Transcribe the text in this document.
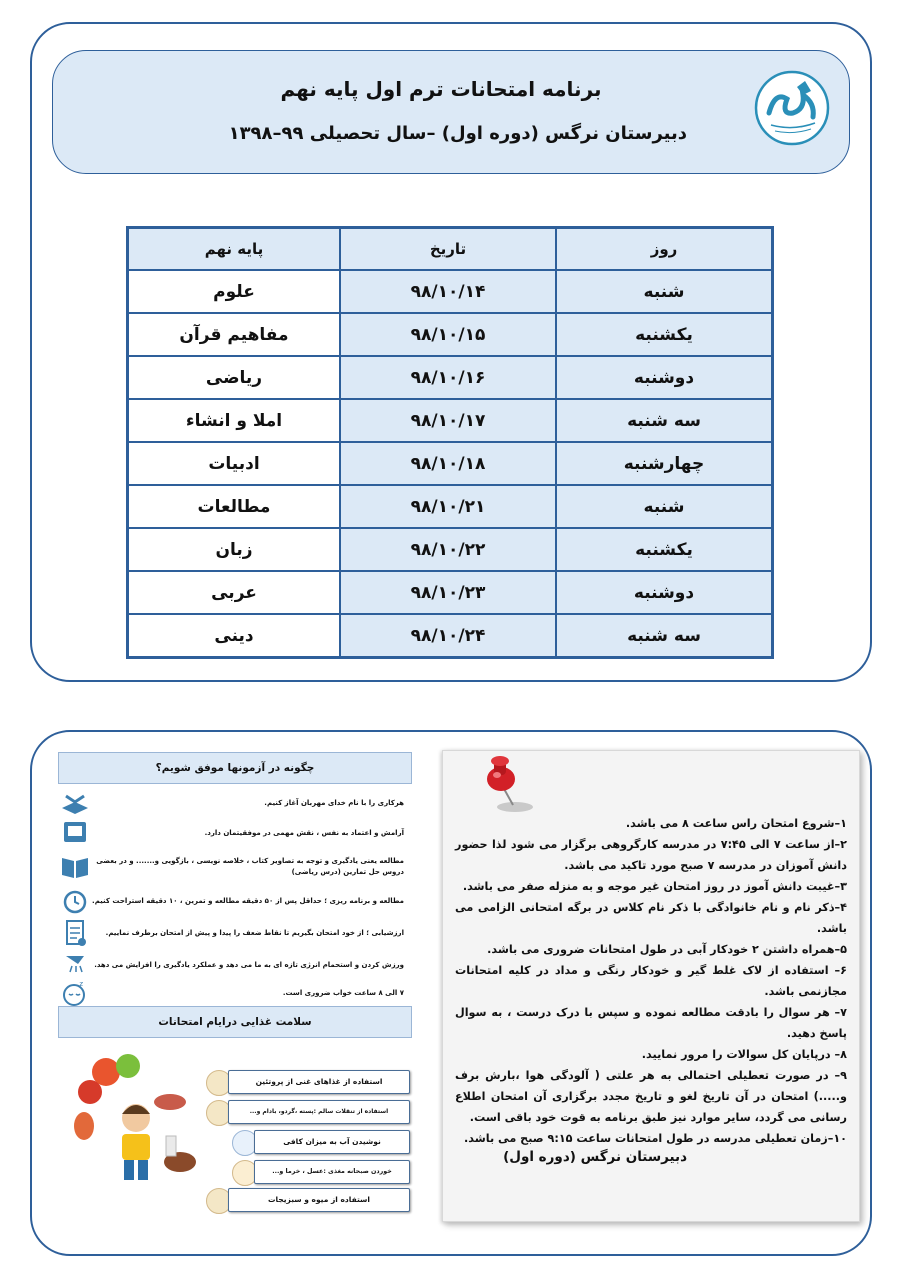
برنامه امتحانات ترم اول پایه نهم
دبیرستان نرگس (دوره اول) –سال تحصیلی ۹۹–۱۳۹۸
روز	تاریخ	پایه نهم
شنبه	۹۸/۱۰/۱۴	علوم
یکشنبه	۹۸/۱۰/۱۵	مفاهیم قرآن
دوشنبه	۹۸/۱۰/۱۶	ریاضی
سه شنبه	۹۸/۱۰/۱۷	املا و انشاء
چهارشنبه	۹۸/۱۰/۱۸	ادبیات
شنبه	۹۸/۱۰/۲۱	مطالعات
یکشنبه	۹۸/۱۰/۲۲	زبان
دوشنبه	۹۸/۱۰/۲۳	عربی
سه شنبه	۹۸/۱۰/۲۴	دینی

۱–شروع امتحان راس ساعت ۸ می باشد.

۲–از ساعت ۷ الی ۷:۴۵ در مدرسه کارگروهی برگزار می شود لذا حضور دانش آموزان در مدرسه ۷ صبح مورد تاکید می باشد.

۳–غیبت دانش آموز در روز امتحان غیر موجه و به منزله صفر می باشد.

۴–ذکر نام و نام خانوادگی با ذکر نام کلاس در برگه امتحانی الزامی می باشد.

۵–همراه داشتن ۲ خودکار آبی در طول امتحانات ضروری می باشد.

۶– استفاده از لاک غلط گیر و خودکار رنگی و مداد در کلیه امتحانات مجازنمی باشد.

۷– هر سوال را بادقت مطالعه نموده و سپس با درک درست ، به سوال پاسخ دهید.

۸– درپایان کل سوالات را مرور نمایید.

۹– در صورت تعطیلی احتمالی به هر علتی ( آلودگی هوا ،بارش برف و.....) امتحان در آن تاریخ لغو و تاریخ مجدد برگزاری آن امتحان اطلاع رسانی می گردد، سایر موارد نیز طبق برنامه به قوت خود باقی است.

۱۰–زمان تعطیلی مدرسه در طول امتحانات ساعت ۹:۱۵ صبح می باشد.

دبیرستان نرگس (دوره اول)
چگونه در آزمونها موفق شویم؟
هرکاری را با نام خدای مهربان آغاز کنیم.
آرامش و اعتماد به نفس ، نقش مهمی در موفقیتمان دارد.
مطالعه یعنی یادگیری و توجه به تصاویر کتاب ، خلاصه نویسی ، بازگویی و....... و در بعضی دروس حل تمارین (درس ریاضی)
مطالعه و برنامه ریزی ؛ حداقل پس از ۵۰ دقیقه مطالعه و تمرین ، ۱۰ دقیقه استراحت کنیم.
ارزشیابی ؛ از خود امتحان بگیریم تا نقاط ضعف را پیدا و پیش از امتحان برطرف نماییم.
ورزش کردن و استحمام انرژی تازه ای به ما می دهد و عملکرد یادگیری را افزایش می دهد.
۷ الی ۸ ساعت خواب ضروری است.
z
سلامت غذایی درایام امتحانات
استفاده از غذاهای غنی از پروتئین
استفاده از تنقلات سالم :پسته ،گردو، بادام و...
نوشیدن آب به میزان کافی
خوردن صبحانه مغذی :عسل ، خرما و...
استفاده از میوه و سبزیجات
